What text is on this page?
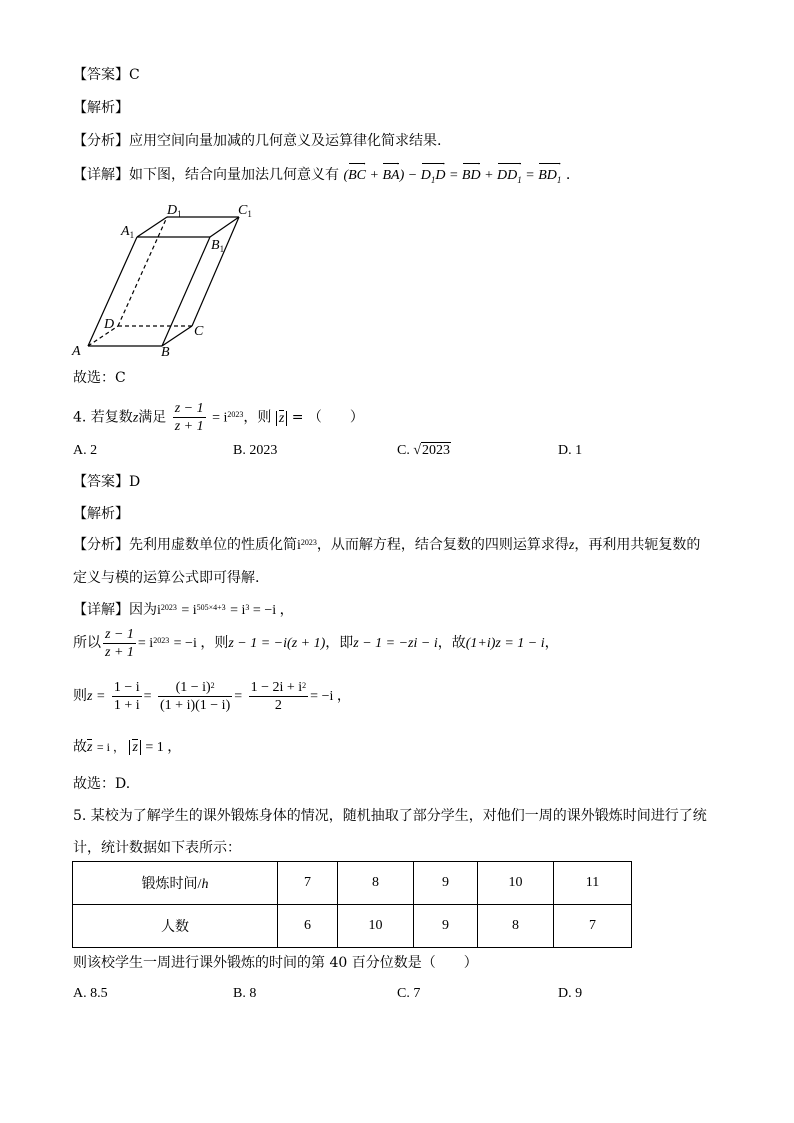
【答案】C
【解析】
【分析】应用空间向量加减的几何意义及运算律化简求结果.
【详解】如下图，结合向量加法几何意义有 (BC → + BA →) − $D_1D$ → = BD → + $DD_1$ → = $BD_1$ → .
$A_1$
$D_1$	$C_1$
$B_1$
D	C
A	B
故选：C
4. 若复数z满足 $\frac{z - 1}{z + 1} = i^{2023}$，则 z = （　　）
A. 2	B. 2023	C. √2023	D. 1
【答案】D
【解析】
【分析】先利用虚数单位的性质化简$i^{2023}$，从而解方程，结合复数的四则运算求得z，再利用共轭复数的
定义与模的运算公式即可得解.
【详解】因为$i^{2023} = i^{505\times 4+3} = i^3 = -i$ ，
所以 $\frac{z - 1}{z + 1} = i^{2023} = -i$ ，则z − 1 = −i(z + 1)，即z − 1 = −zi − i，故(1+i)z = 1 − i，
则$z = \frac{1 - i}{1 + i} = \frac{(1 - i)^2}{(1 + i)(1 - i)} = \frac{1 - 2i + i^2}{2} = -i$ ，
故z = i ， z = 1 ，
故选：D.
5. 某校为了解学生的课外锻炼身体的情况，随机抽取了部分学生，对他们一周的课外锻炼时间进行了统
计，统计数据如下表所示：
锻炼时间/h	7	8	9	10	11
人数	6	10	9	8	7
则该校学生一周进行课外锻炼的时间的第 40 百分位数是（　　）
A. 8.5	B. 8	C. 7	D. 9
